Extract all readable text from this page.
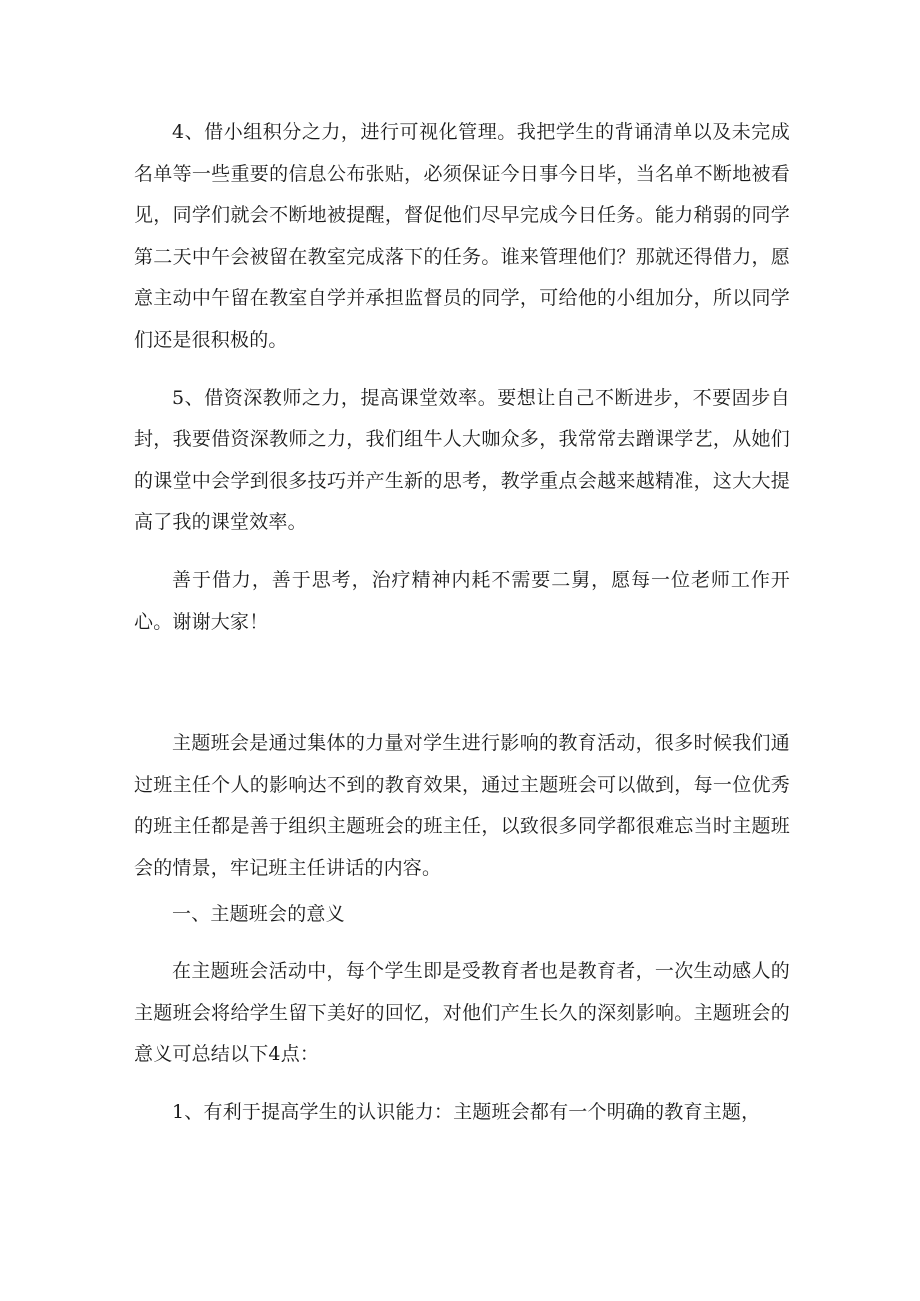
4、借小组积分之力，进行可视化管理。我把学生的背诵清单以及未完成名单等一些重要的信息公布张贴，必须保证今日事今日毕，当名单不断地被看见，同学们就会不断地被提醒，督促他们尽早完成今日任务。能力稍弱的同学第二天中午会被留在教室完成落下的任务。谁来管理他们？那就还得借力，愿意主动中午留在教室自学并承担监督员的同学，可给他的小组加分，所以同学们还是很积极的。

5、借资深教师之力，提高课堂效率。要想让自己不断进步，不要固步自封，我要借资深教师之力，我们组牛人大咖众多，我常常去蹭课学艺，从她们的课堂中会学到很多技巧并产生新的思考，教学重点会越来越精准，这大大提高了我的课堂效率。

善于借力，善于思考，治疗精神内耗不需要二舅，愿每一位老师工作开心。谢谢大家！

主题班会是通过集体的力量对学生进行影响的教育活动，很多时候我们通过班主任个人的影响达不到的教育效果，通过主题班会可以做到，每一位优秀的班主任都是善于组织主题班会的班主任，以致很多同学都很难忘当时主题班会的情景，牢记班主任讲话的内容。

一、主题班会的意义

在主题班会活动中，每个学生即是受教育者也是教育者，一次生动感人的主题班会将给学生留下美好的回忆，对他们产生长久的深刻影响。主题班会的意义可总结以下4点：

1、有利于提高学生的认识能力：主题班会都有一个明确的教育主题，
